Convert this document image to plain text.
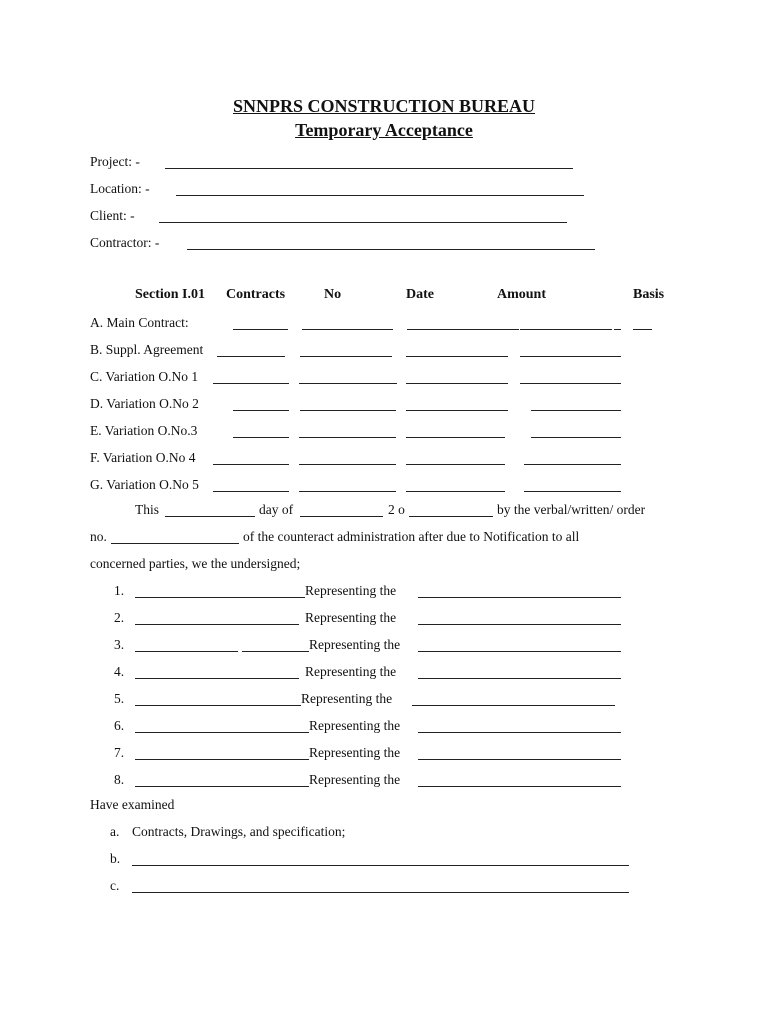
SNNPRS CONSTRUCTION BUREAU
Temporary Acceptance
Project: -
Location: -
Client: -
Contractor: -
Section I.01 Contracts	No	Date	Amount	Basis
A. Main Contract:
B. Suppl. Agreement
C. Variation O.No 1
D. Variation O.No 2
E. Variation O.No.3
F. Variation O.No 4
G. Variation O.No 5
This	day of	2 o	by the verbal/written/ order
no.	of the counteract administration after due to Notification to all
concerned parties, we the undersigned;
1.	Representing the
2.	Representing the
3.	Representing the
4.	Representing the
5.	Representing the
6.	Representing the
7.	Representing the
8.	Representing the
Have examined
a. Contracts, Drawings, and specification;
b.
c.
